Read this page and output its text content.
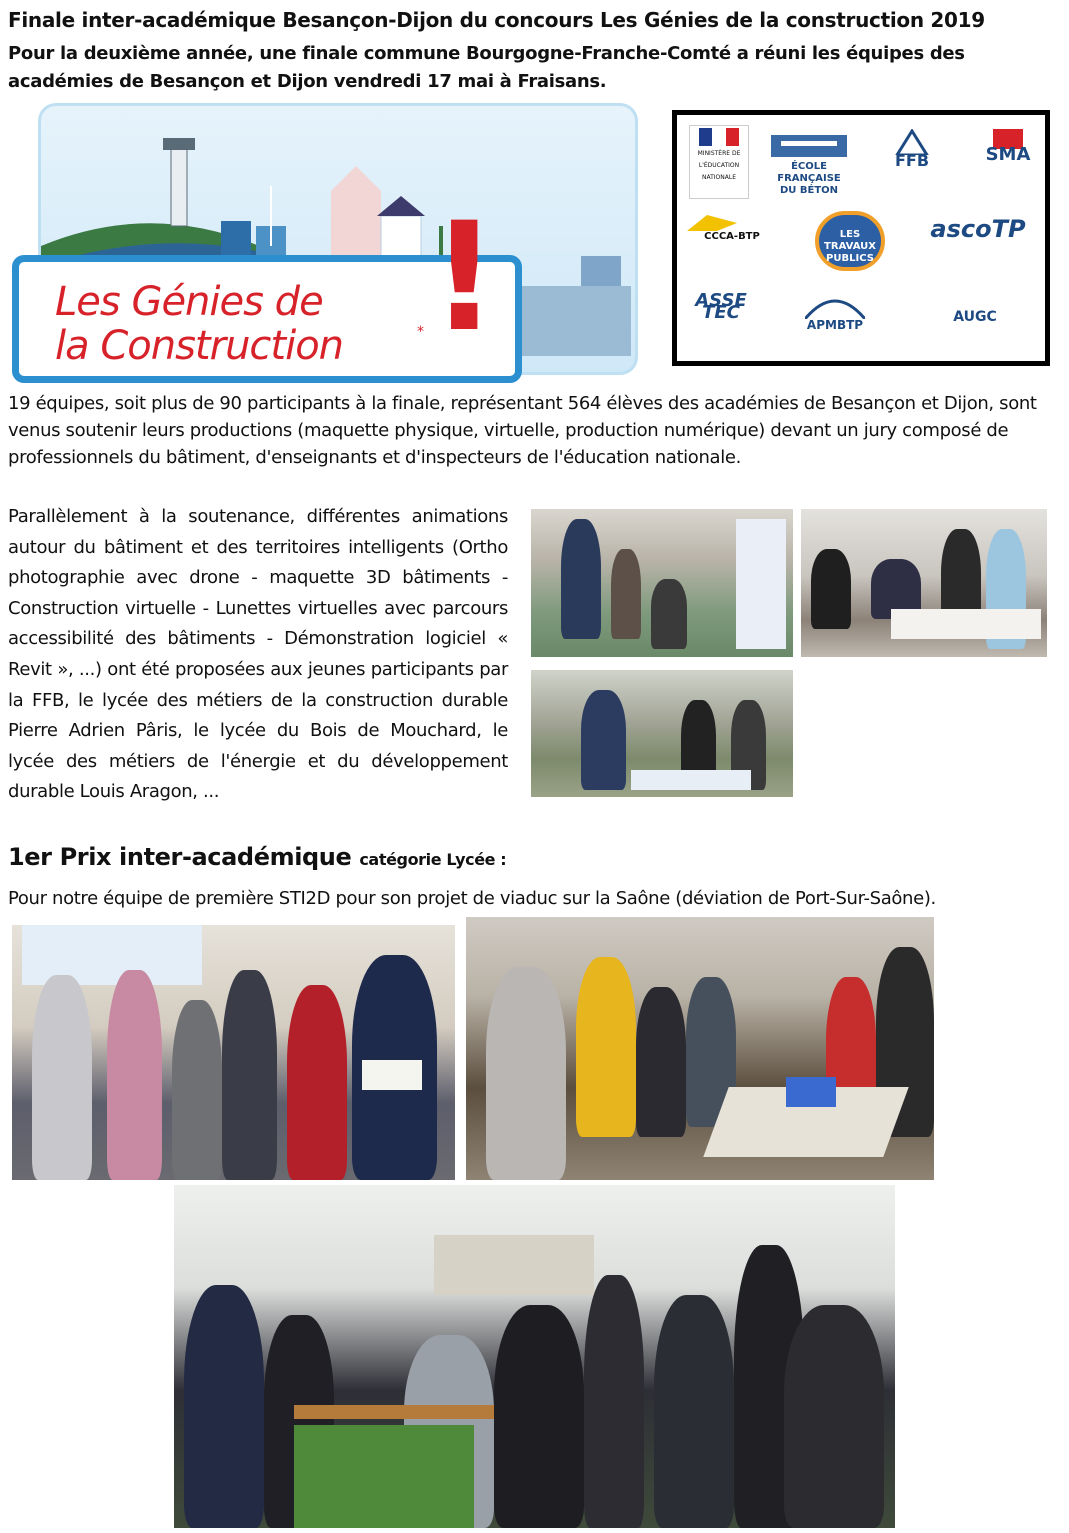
Finale inter-académique Besançon-Dijon du concours Les Génies de la construction 2019
Pour la deuxième année, une finale commune Bourgogne-Franche-Comté a réuni les équipes des académies de Besançon et Dijon vendredi 17 mai à Fraisans.
Les Génies de
la Construction	* !
MINISTÈRE DE L'ÉDUCATION NATIONALE
ÉCOLE FRANÇAISE DU BÉTON
FFB	SMA
CCCA-BTP	LES TRAVAUX PUBLICS
ascoTP
ASSE TEC
APMBTP	AUGC
19 équipes, soit plus de 90 participants à la finale, représentant 564 élèves des académies de Besançon et Dijon, sont venus soutenir leurs productions (maquette physique, virtuelle, production numérique) devant un jury composé de professionnels du bâtiment, d'enseignants et d'inspecteurs de l'éducation nationale.
Parallèlement à la soutenance, différentes animations autour du bâtiment et des territoires intelligents (Ortho photographie avec drone - maquette 3D bâtiments - Construction virtuelle - Lunettes virtuelles avec parcours accessibilité des bâtiments - Démonstration logiciel « Revit », ...) ont été proposées aux jeunes participants par la FFB, le lycée des métiers de la construction durable Pierre Adrien Pâris, le lycée du Bois de Mouchard, le lycée des métiers de l'énergie et du développement durable Louis Aragon, ...
1er Prix inter-académique catégorie Lycée :
Pour notre équipe de première STI2D pour son projet de viaduc sur la Saône (déviation de Port-Sur-Saône).
